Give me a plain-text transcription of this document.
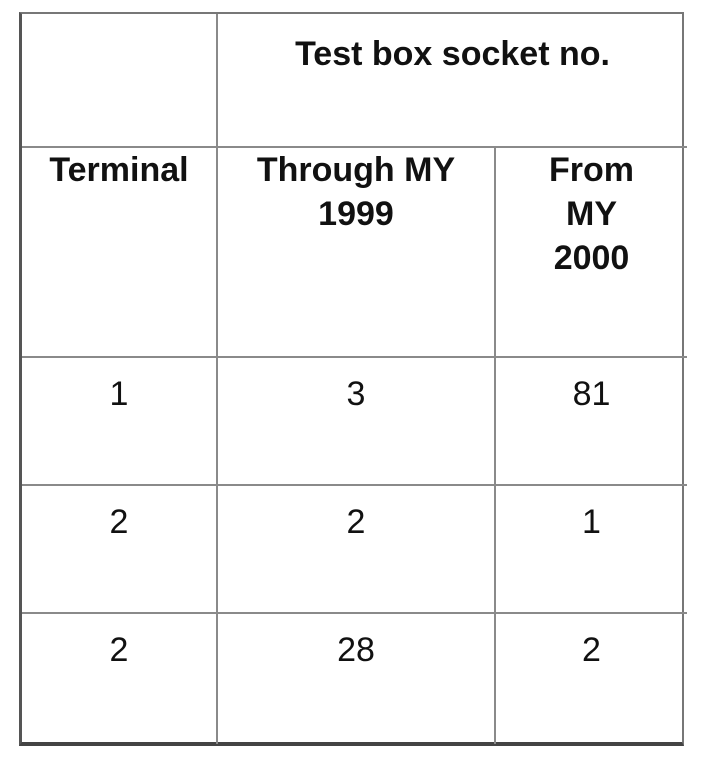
	Test box socket no.	

Terminal	Through MY 1999	From MY 2000

1	3	81

2	2	1

2	28	2
